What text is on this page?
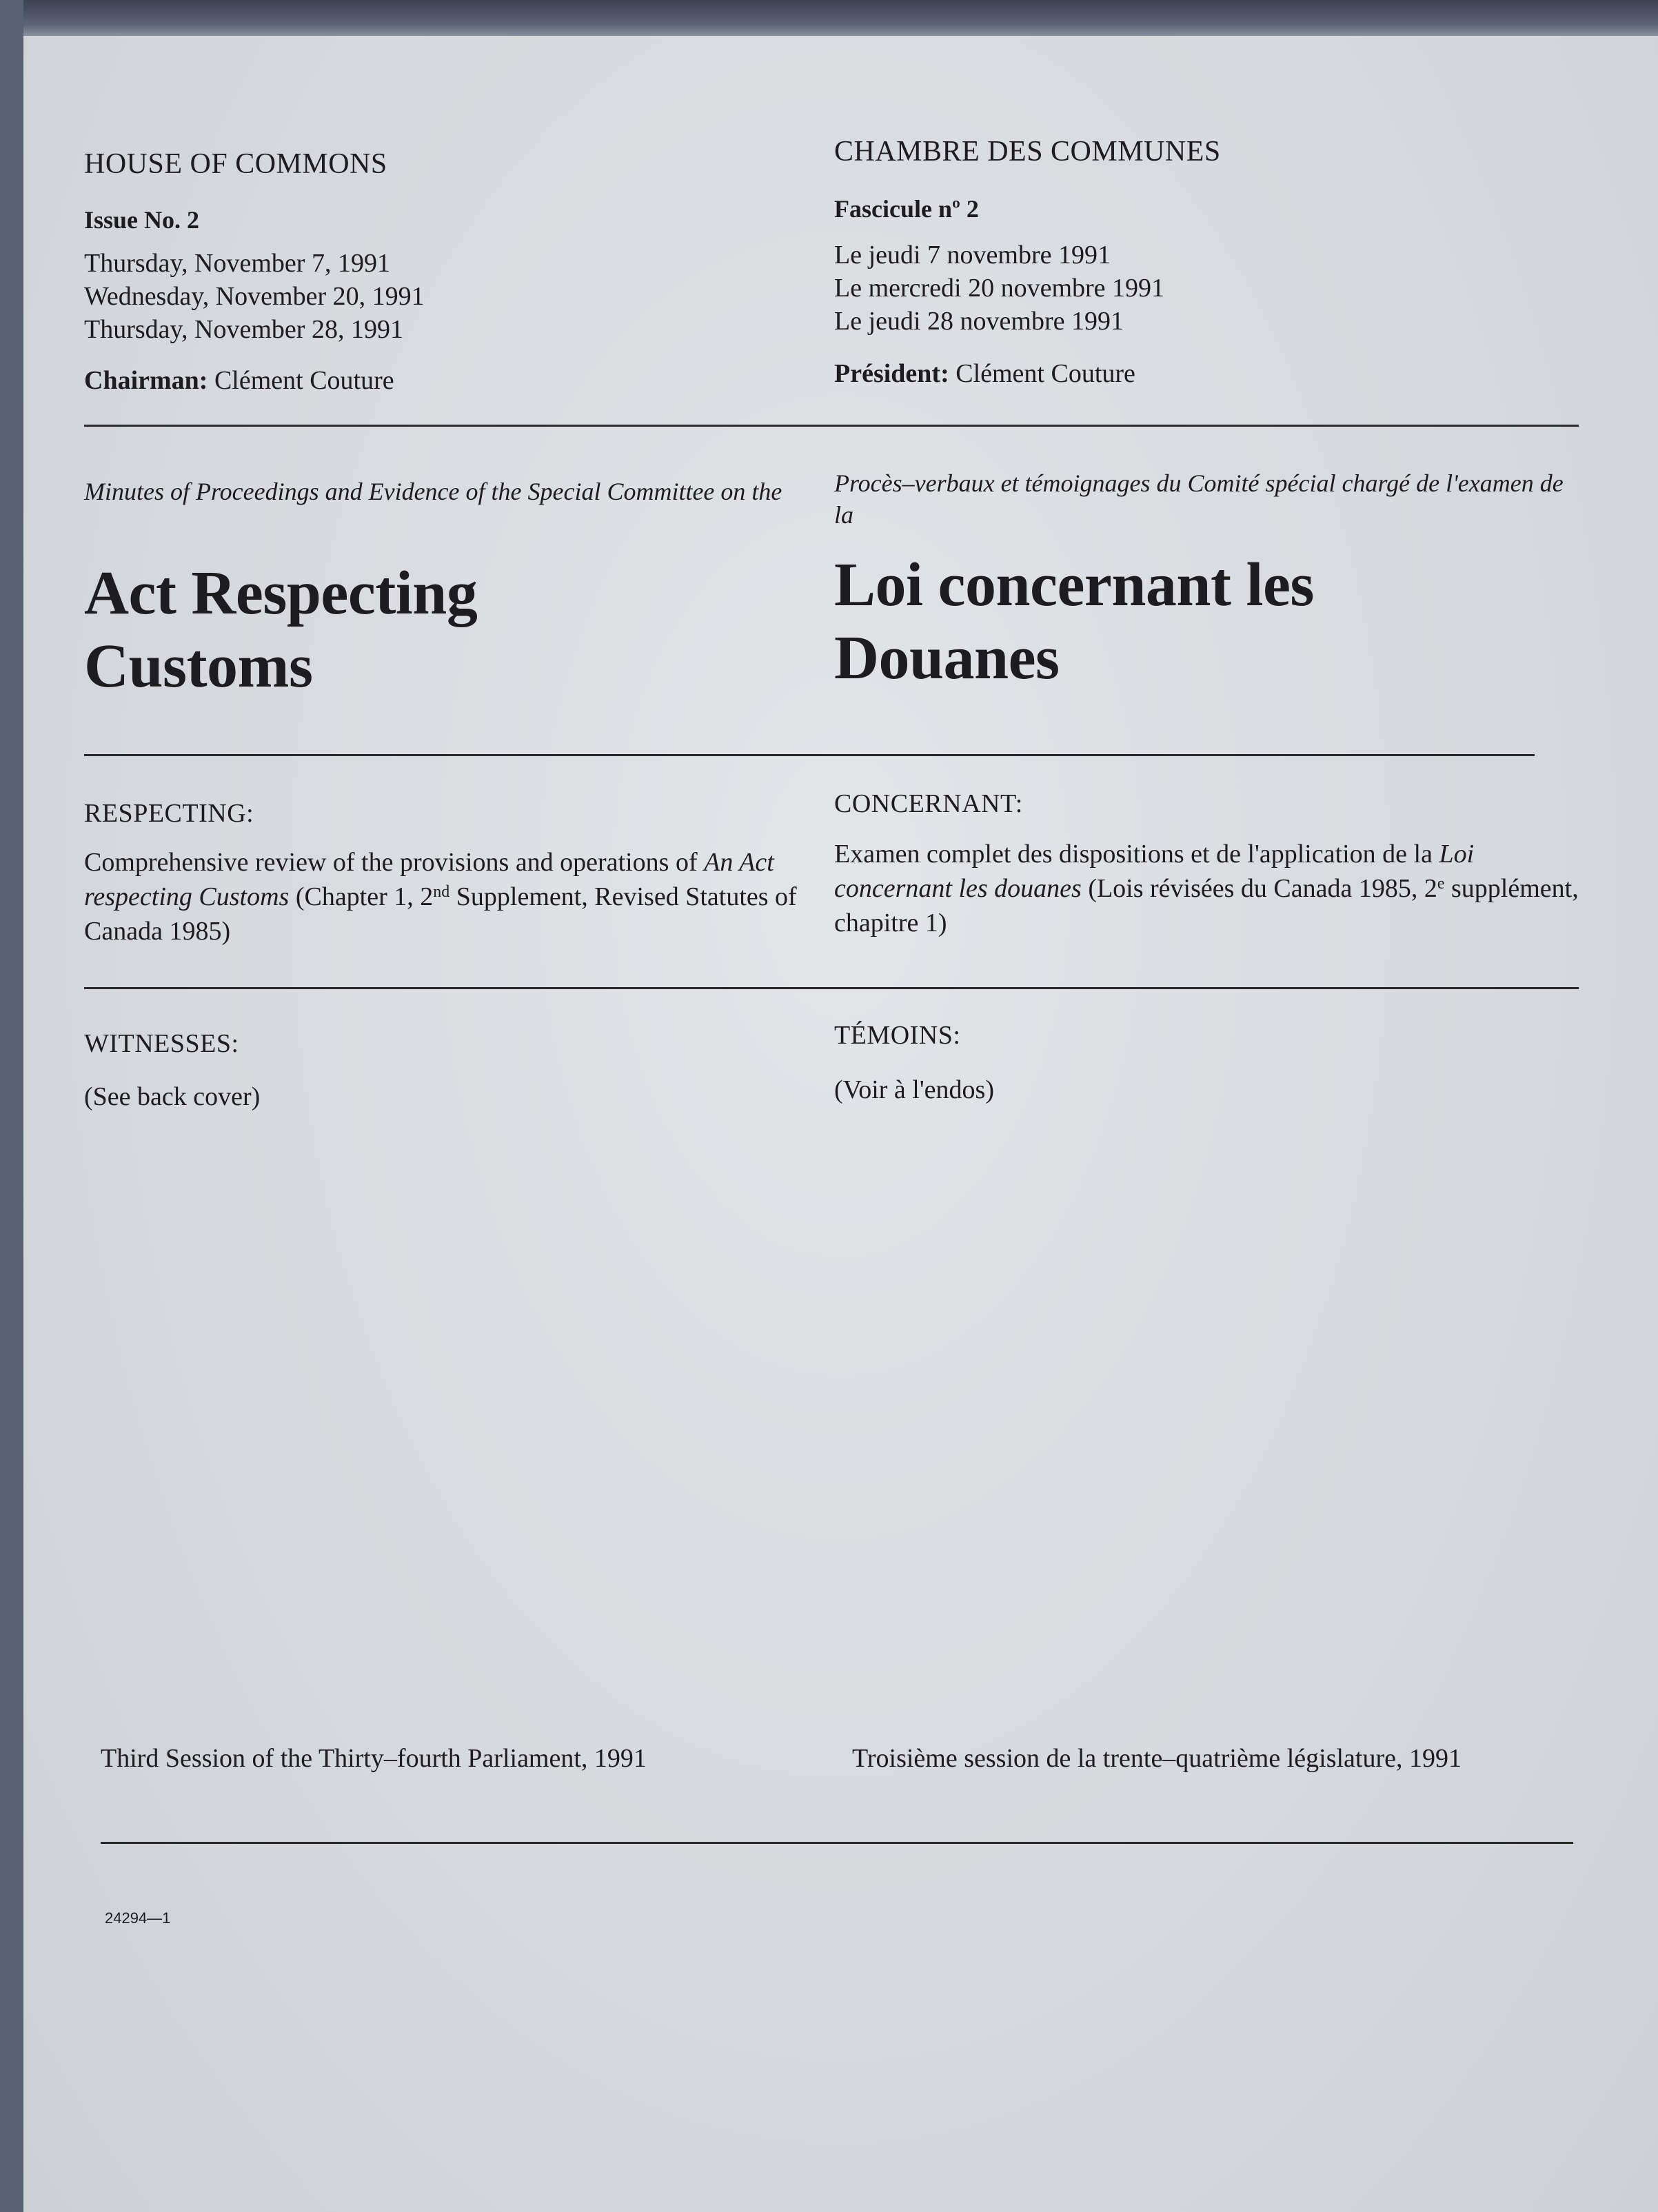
HOUSE OF COMMONS
Issue No. 2
Thursday, November 7, 1991
Wednesday, November 20, 1991
Thursday, November 28, 1991
Chairman: Clément Couture
CHAMBRE DES COMMUNES
Fascicule nº 2
Le jeudi 7 novembre 1991
Le mercredi 20 novembre 1991
Le jeudi 28 novembre 1991
Président: Clément Couture
Minutes of Proceedings and Evidence of the Special Committee on the	Procès–verbaux et témoignages du Comité spécial chargé de l'examen de la
Act Respecting
Customs
Loi concernant les
Douanes
RESPECTING:	CONCERNANT:
Comprehensive review of the provisions and operations of An Act respecting Customs (Chapter 1, 2nd Supplement, Revised Statutes of Canada 1985)
Examen complet des dispositions et de l'application de la Loi concernant les douanes (Lois révisées du Canada 1985, 2e supplément, chapitre 1)
WITNESSES:	TÉMOINS:
(See back cover)	(Voir à l'endos)
Third Session of the Thirty–fourth Parliament, 1991	Troisième session de la trente–quatrième législature, 1991
24294—1
